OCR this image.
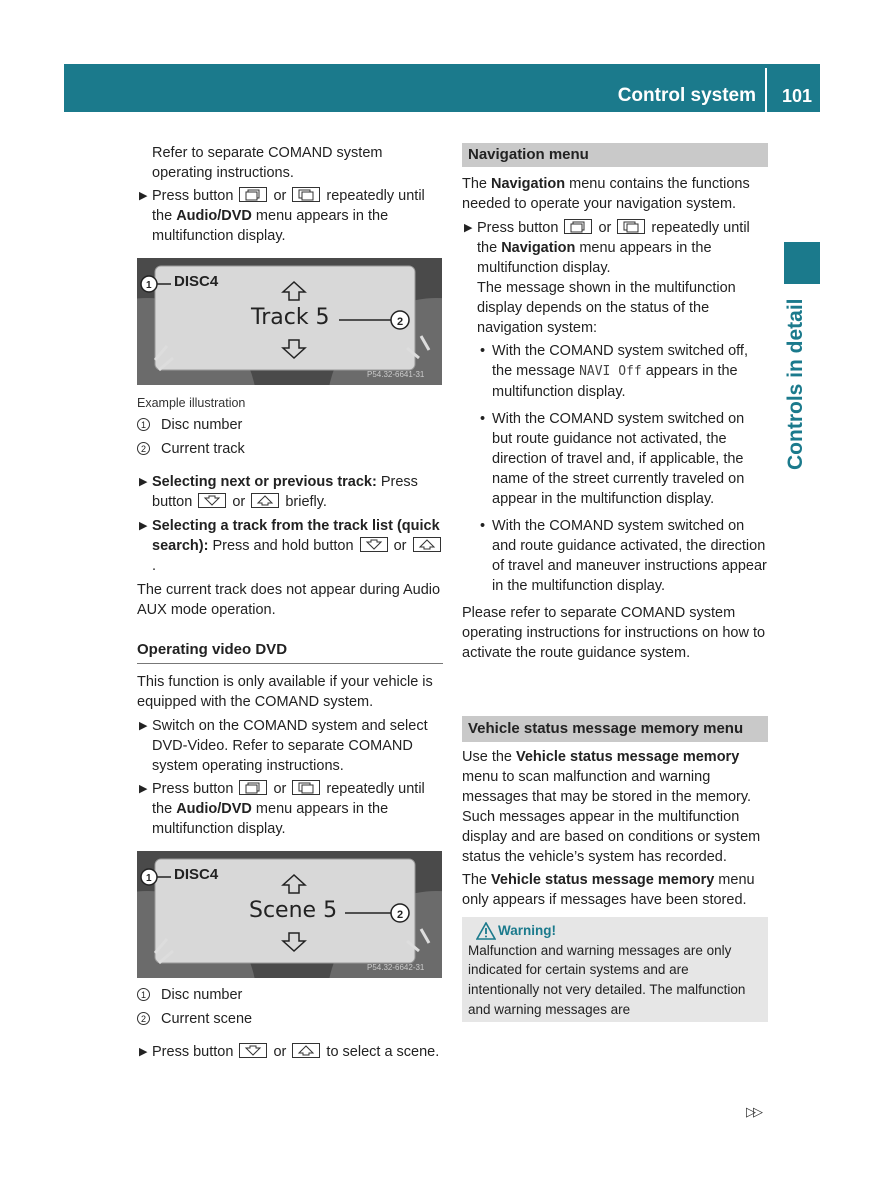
Control system 101
Controls in detail

Refer to separate COMAND system operating instructions.

▶ Press button
or
repeatedly until the Audio/DVD menu appears in the multifunction display.

1 DISC4
Track 5	2
P54.32-6641-31

Example illustration

1 Disc number

2 Current track

▶ Selecting next or previous track: Press button
or
briefly.

▶ Selecting a track from the track list (quick search): Press and hold button
or
.

The current track does not appear during Audio AUX mode operation.

Operating video DVD

This function is only available if your vehicle is equipped with the COMAND system.

▶ Switch on the COMAND system and select DVD-Video. Refer to separate COMAND system operating instructions.

▶ Press button
or
repeatedly until the Audio/DVD menu appears in the multifunction display.

1 DISC4
Scene 5	2
P54.32-6642-31

1 Disc number

2 Current scene

▶ Press button
or
to select a scene.

Navigation menu

The Navigation menu contains the functions needed to operate your navigation system.

▶ Press button
or
repeatedly until the Navigation menu appears in the multifunction display.

The message shown in the multifunction display depends on the status of the navigation system:

• With the COMAND system switched off, the message NAVI Off appears in the multifunction display.

• With the COMAND system switched on but route guidance not activated, the direction of travel and, if applicable, the name of the street currently traveled on appear in the multifunction display.

• With the COMAND system switched on and route guidance activated, the direction of travel and maneuver instructions appear in the multifunction display.

Please refer to separate COMAND system operating instructions for instructions on how to activate the route guidance system.

Vehicle status message memory menu

Use the Vehicle status message memory menu to scan malfunction and warning messages that may be stored in the memory. Such messages appear in the multifunction display and are based on conditions or system status the vehicle’s system has recorded.

The Vehicle status message memory menu only appears if messages have been stored.

Warning!

Malfunction and warning messages are only indicated for certain systems and are intentionally not very detailed. The malfunction and warning messages are

▷▷
